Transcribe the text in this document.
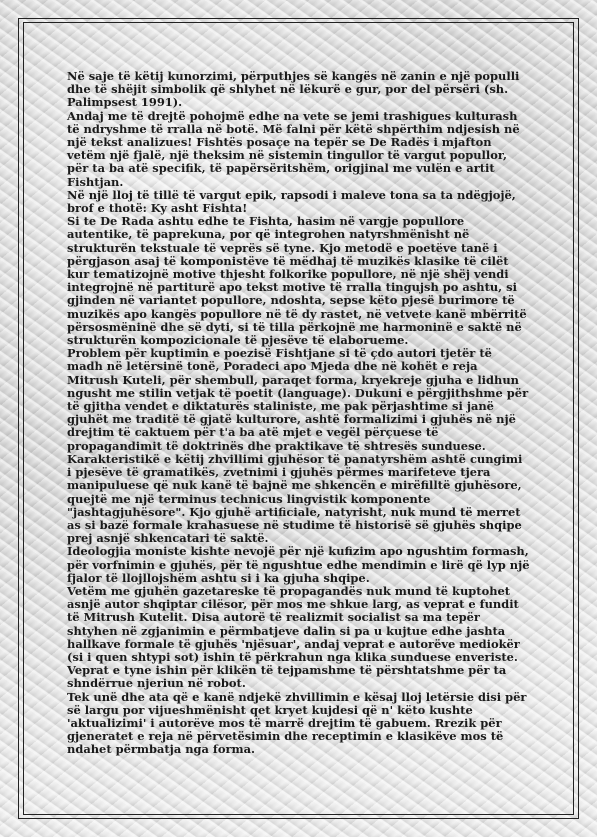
Në saje të këtij kunorzimi, përputhjes së kangës në zanin e një populli dhe të shëjit simbolik që shlyhet në lëkurë e gur, por del përsëri (sh. Palimpsest 1991).

Andaj me të drejtë pohojmë edhe na vete se jemi trashigues kulturash të ndryshme të rralla në botë. Më falni për këtë shpërthim ndjesish në një tekst analizues! Fishtës posaçe na tepër se De Radës i mjafton vetëm një fjalë, një theksim në sistemin tingullor të vargut popullor, për ta ba atë specifik, të papërsëritshëm, origjinal me vulën e artit Fishtjan.

Në një lloj të tillë të vargut epik, rapsodi i maleve tona sa ta ndëgjojë, brof e thotë: Ky asht Fishta!

Si te De Rada ashtu edhe te Fishta, hasim në vargje popullore autentike, të paprekuna, por që integrohen natyrshmënisht në strukturën tekstuale të veprës së tyne. Kjo metodë e poetëve tanë i përgjason asaj të komponistëve të mëdhaj të muzikës klasike të cilët kur tematizojnë motive thjesht folkorike popullore, në një shëj vendi integrojnë në partiturë apo tekst motive të rralla tingujsh po ashtu, si gjinden në variantet popullore, ndoshta, sepse këto pjesë burimore të muzikës apo kangës popullore në të dy rastet, në vetvete kanë mbërritë përsosmëninë dhe së dyti, si të tilla përkojnë me harmoninë e saktë në strukturën kompozicionale të pjesëve të elaborueme.

Problem për kuptimin e poezisë Fishtjane si të çdo autori tjetër të madh në letërsinë tonë, Poradeci apo Mjeda dhe në kohët e reja Mitrush Kuteli, për shembull, paraqet forma, kryekreje gjuha e lidhun ngusht me stilin vetjak të poetit (language). Dukuni e përgjithshme për të gjitha vendet e diktaturës staliniste, me pak përjashtime si janë gjuhët me traditë të gjatë kulturore, ashtë formalizimi i gjuhës në një drejtim të caktuem për t'a ba atë mjet e vegël përçuese të propagandimit të doktrinës dhe praktikave të shtresës sunduese. Karakteristikë e këtij zhvillimi gjuhësor të panatyrshëm ashtë cungimi i pjesëve të gramatikës, zvetnimi i gjuhës përmes marifeteve tjera manipuluese që nuk kanë të bajnë me shkencën e mirëfilltë gjuhësore, quejtë me një terminus technicus lingvistik komponente "jashtagjuhësore". Kjo gjuhë artificiale, natyrisht, nuk mund të merret as si bazë formale krahasuese në studime të historisë së gjuhës shqipe prej asnjë shkencatari të saktë.

Ideologjia moniste kishte nevojë për një kufizim apo ngushtim formash, për vorfnimin e gjuhës, për të ngushtue edhe mendimin e lirë që lyp një fjalor të llojllojshëm ashtu si i ka gjuha shqipe.

Vetëm me gjuhën gazetareske të propagandës nuk mund të kuptohet asnjë autor shqiptar cilësor, për mos me shkue larg, as veprat e fundit të Mitrush Kutelit. Disa autorë të realizmit socialist sa ma tepër shtyhen në zgjanimin e përmbatjeve dalin si pa u kujtue edhe jashta hallkave formale të gjuhës 'njësuar', andaj veprat e autorëve mediokër (si i quen shtypi sot) ishin të përkrahun nga klika sunduese enveriste.

Veprat e tyne ishin për klikën të tejpamshme të përshtatshme për ta shndërrue njeriun në robot.

Tek unë dhe ata që e kanë ndjekë zhvillimin e kësaj lloj letërsie disi për së largu por vijueshmënisht qet kryet kujdesi që n' këto kushte 'aktualizimi' i autorëve mos të marrë drejtim të gabuem. Rrezik për gjeneratet e reja në përvetësimin dhe receptimin e klasikëve mos të ndahet përmbatja nga forma.
